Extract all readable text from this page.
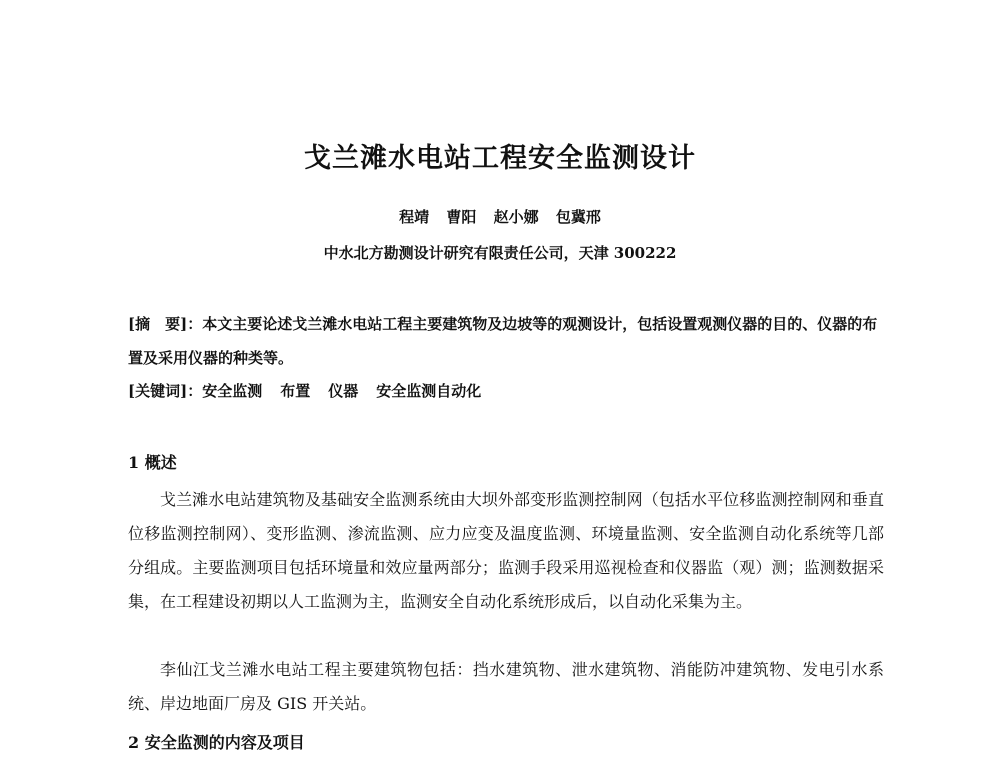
戈兰滩水电站工程安全监测设计
程靖 曹阳 赵小娜 包冀邢
中水北方勘测设计研究有限责任公司，天津 300222
[摘　要]：本文主要论述戈兰滩水电站工程主要建筑物及边坡等的观测设计，包括设置观测仪器的目的、仪器的布置及采用仪器的种类等。
[关键词]：安全监测 布置 仪器 安全监测自动化
1 概述
戈兰滩水电站建筑物及基础安全监测系统由大坝外部变形监测控制网（包括水平位移监测控制网和垂直位移监测控制网）、变形监测、渗流监测、应力应变及温度监测、环境量监测、安全监测自动化系统等几部分组成。主要监测项目包括环境量和效应量两部分；监测手段采用巡视检查和仪器监（观）测；监测数据采集，在工程建设初期以人工监测为主，监测安全自动化系统形成后，以自动化采集为主。
李仙江戈兰滩水电站工程主要建筑物包括：挡水建筑物、泄水建筑物、消能防冲建筑物、发电引水系统、岸边地面厂房及 GIS 开关站。
2 安全监测的内容及项目
